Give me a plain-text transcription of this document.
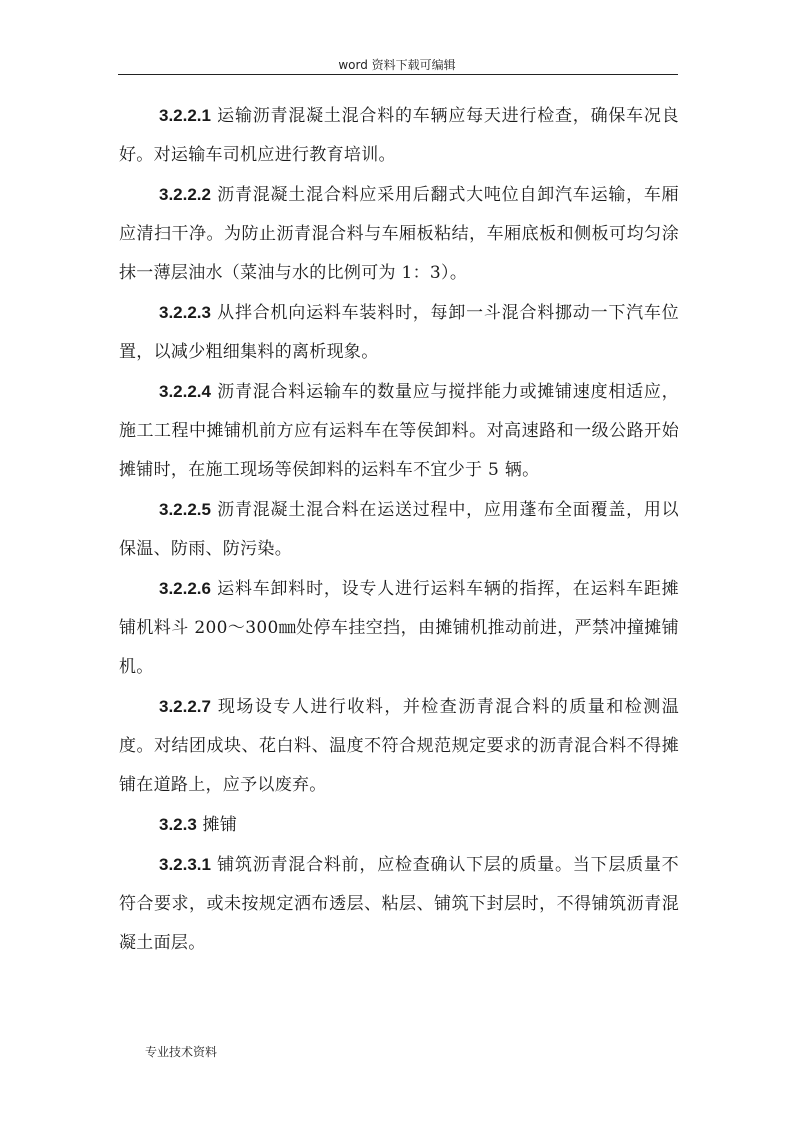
word 资料下载可编辑

3.2.2.1 运输沥青混凝土混合料的车辆应每天进行检查，确保车况良好。对运输车司机应进行教育培训。

3.2.2.2 沥青混凝土混合料应采用后翻式大吨位自卸汽车运输，车厢应清扫干净。为防止沥青混合料与车厢板粘结，车厢底板和侧板可均匀涂抹一薄层油水（菜油与水的比例可为 1：3）。

3.2.2.3 从拌合机向运料车装料时，每卸一斗混合料挪动一下汽车位置，以减少粗细集料的离析现象。

3.2.2.4 沥青混合料运输车的数量应与搅拌能力或摊铺速度相适应，施工工程中摊铺机前方应有运料车在等侯卸料。对高速路和一级公路开始摊铺时，在施工现场等侯卸料的运料车不宜少于 5 辆。

3.2.2.5 沥青混凝土混合料在运送过程中，应用蓬布全面覆盖，用以保温、防雨、防污染。

3.2.2.6 运料车卸料时，设专人进行运料车辆的指挥，在运料车距摊铺机料斗 200～300㎜处停车挂空挡，由摊铺机推动前进，严禁冲撞摊铺机。

3.2.2.7 现场设专人进行收料，并检查沥青混合料的质量和检测温度。对结团成块、花白料、温度不符合规范规定要求的沥青混合料不得摊铺在道路上，应予以废弃。

3.2.3 摊铺

3.2.3.1 铺筑沥青混合料前，应检查确认下层的质量。当下层质量不符合要求，或未按规定洒布透层、粘层、铺筑下封层时，不得铺筑沥青混凝土面层。

专业技术资料
